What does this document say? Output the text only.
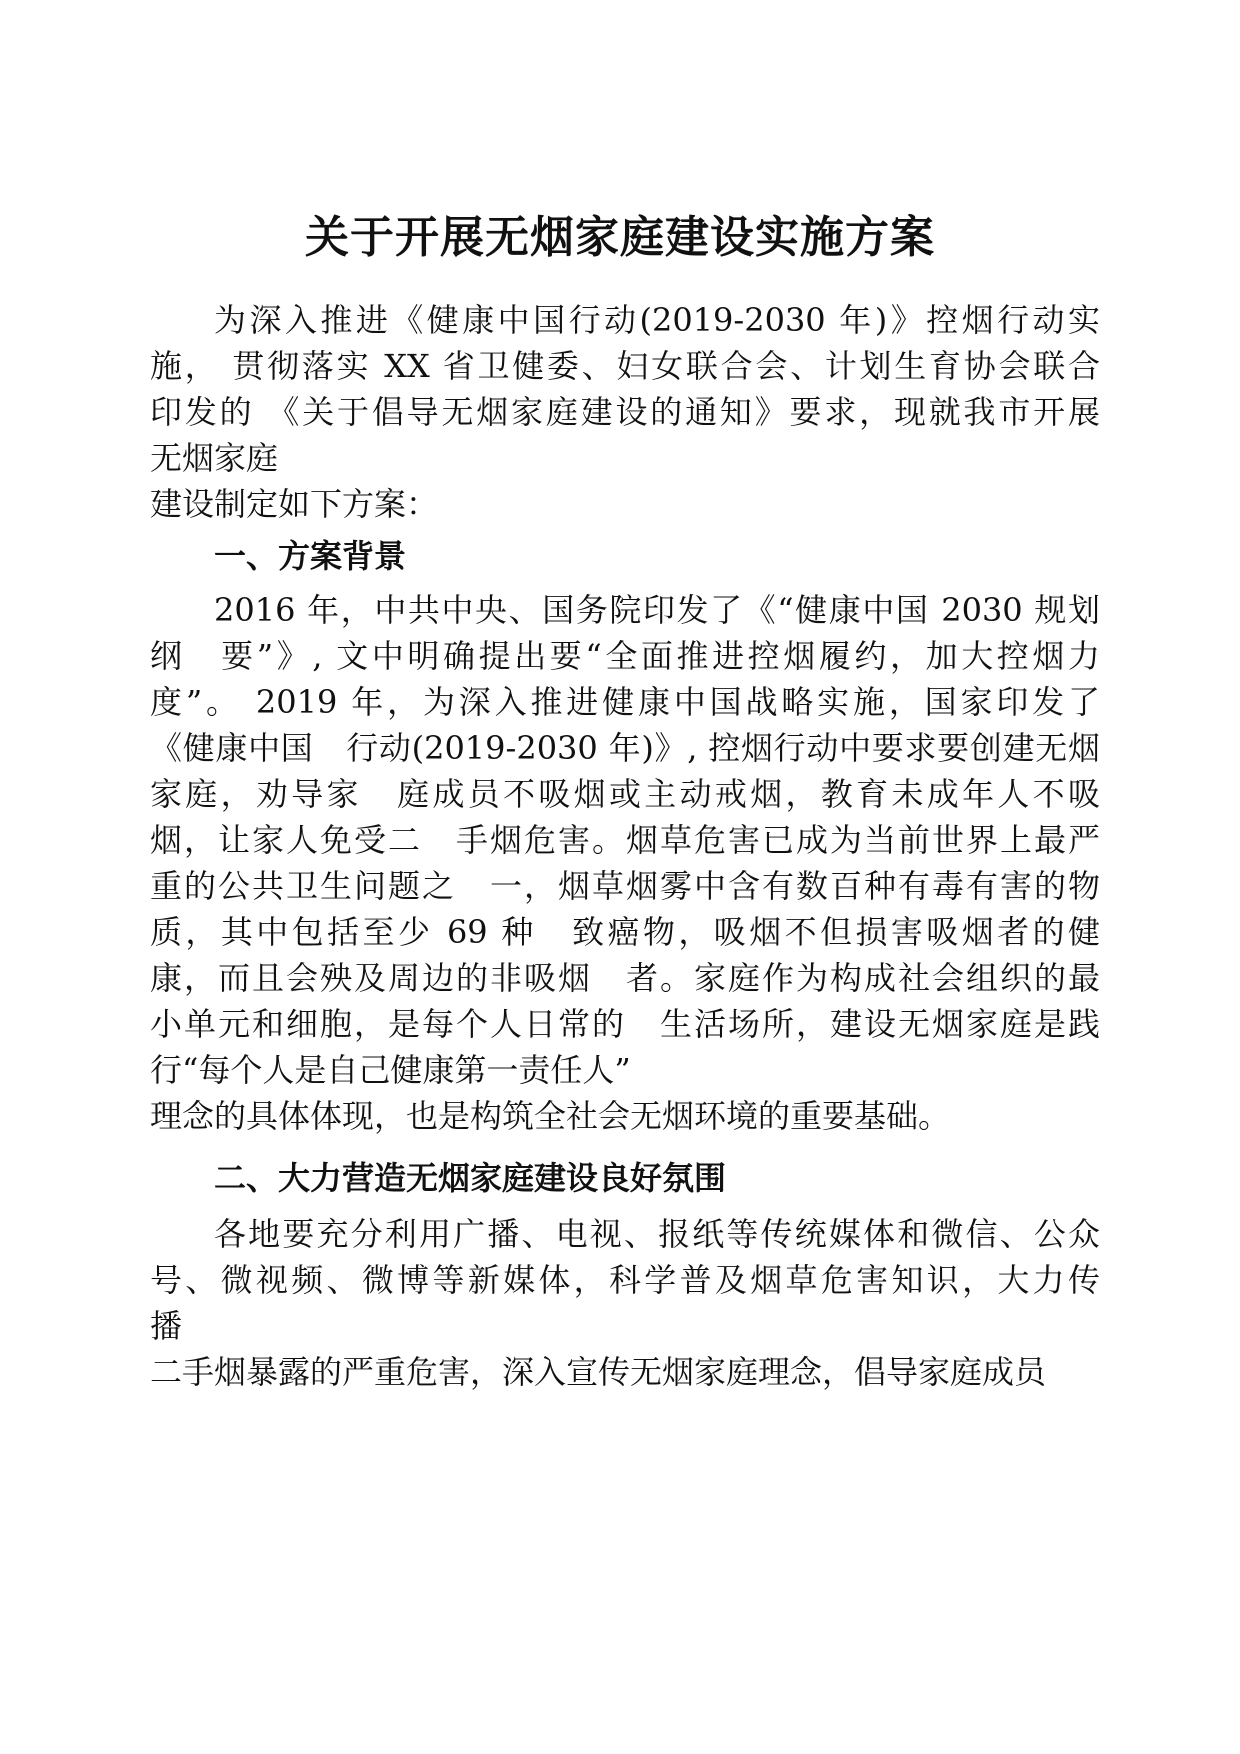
关于开展无烟家庭建设实施方案

为深入推进《健康中国行动(2019-2030 年)》控烟行动实

施， 贯彻落实 XX 省卫健委、妇女联合会、计划生育协会联合

印发的 《关于倡导无烟家庭建设的通知》要求，现就我市开展

无烟家庭

建设制定如下方案：

一、方案背景

2016 年，中共中央、国务院印发了《“健康中国 2030 规划

纲　要”》, 文中明确提出要“全面推进控烟履约，加大控烟力

度”。 2019 年，为深入推进健康中国战略实施，国家印发了

《健康中国　行动(2019-2030 年)》, 控烟行动中要求要创建无烟

家庭，劝导家　庭成员不吸烟或主动戒烟，教育未成年人不吸

烟，让家人免受二　手烟危害。烟草危害已成为当前世界上最严

重的公共卫生问题之　一，烟草烟雾中含有数百种有毒有害的物

质，其中包括至少 69 种　致癌物，吸烟不但损害吸烟者的健

康，而且会殃及周边的非吸烟　者。家庭作为构成社会组织的最

小单元和细胞，是每个人日常的　生活场所，建设无烟家庭是践

行“每个人是自己健康第一责任人”

理念的具体体现，也是构筑全社会无烟环境的重要基础。

二、大力营造无烟家庭建设良好氛围

各地要充分利用广播、电视、报纸等传统媒体和微信、公众

号、微视频、微博等新媒体，科学普及烟草危害知识，大力传

播

二手烟暴露的严重危害，深入宣传无烟家庭理念，倡导家庭成员
